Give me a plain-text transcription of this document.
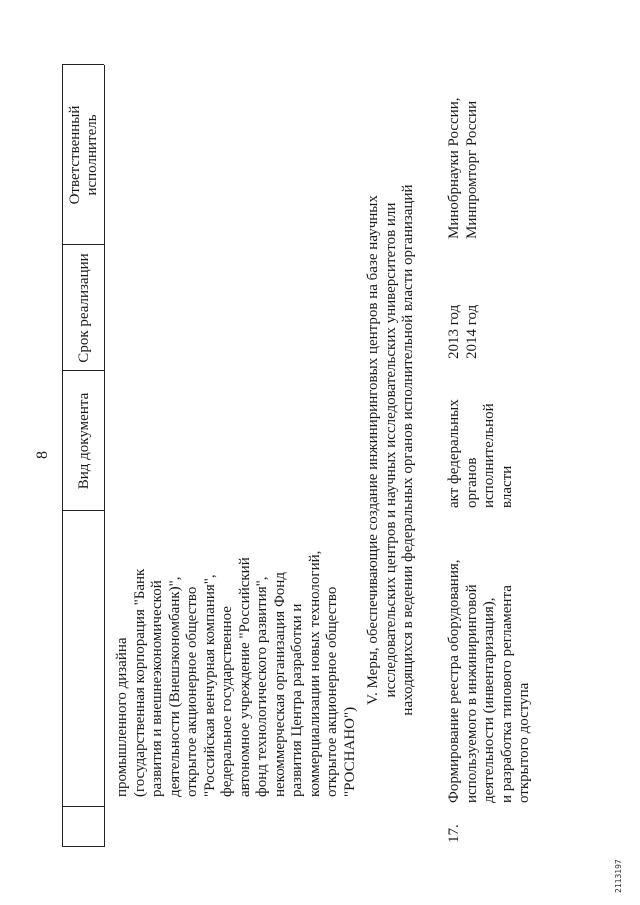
8 Вид документа
Срок реализации
Ответственный
исполнитель
промышленного дизайна
(государственная корпорация "Банк
развития и внешнеэкономической
деятельности (Внешэкономбанк)",
открытое акционерное общество
"Российская венчурная компания",
федеральное государственное
автономное учреждение "Российский
фонд технологического развития",
некоммерческая организация Фонд
развития Центра разработки и
коммерциализации новых технологий,
открытое акционерное общество
"РОСНАНО")
V. Меры, обеспечивающие создание инжиниринговых центров на базе научных
исследовательских центров и научных исследовательских университетов или
находящихся в ведении федеральных органов исполнительной власти организаций
17.
Формирование реестра оборудования,
используемого в инжиниринговой
деятельности (инвентаризация),
и разработка типового регламента
открытого доступа
акт федеральных
органов исполнительной
власти
2013 год
2014 год
Минобрнауки России,
Минпромторг России
2113197
